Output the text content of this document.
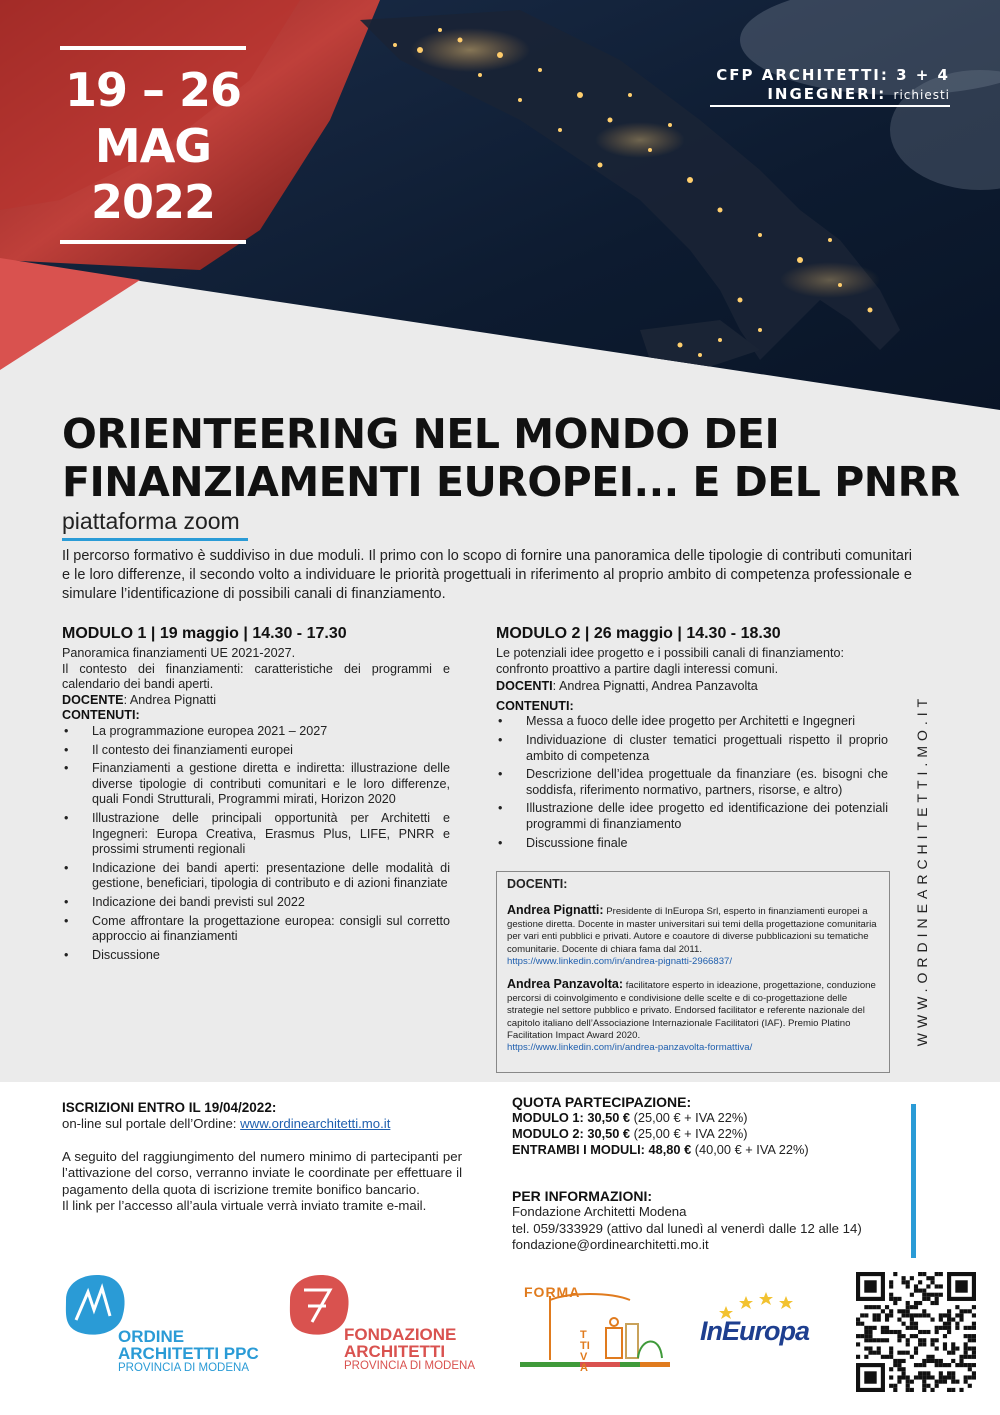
19 – 26
MAG
2022
CFP ARCHITETTI: 3 + 4
INGEGNERI: richiesti
ORIENTEERING NEL MONDO DEI
FINANZIAMENTI EUROPEI... E DEL PNRR
piattaforma zoom
Il percorso formativo è suddiviso in due moduli. Il primo con lo scopo di fornire una panoramica delle tipologie di contributi comunitari e le loro differenze, il secondo volto a individuare le priorità progettuali in riferimento al proprio ambito di competenza professionale e simulare l’identificazione di possibili canali di finanziamento.
MODULO 1 | 19 maggio | 14.30 - 17.30

Panoramica finanziamenti UE 2021-2027.

Il contesto dei finanziamenti: caratteristiche dei programmi e calendario dei bandi aperti.

DOCENTE: Andrea Pignatti

CONTENUTI:

• La programmazione europea 2021 – 2027
• Il contesto dei finanziamenti europei
• Finanziamenti a gestione diretta e indiretta: illustrazione delle diverse tipologie di contributi comunitari e le loro differenze, quali Fondi Strutturali, Programmi mirati, Horizon 2020
• Illustrazione delle principali opportunità per Architetti e Ingegneri: Europa Creativa, Erasmus Plus, LIFE, PNRR e prossimi strumenti regionali
• Indicazione dei bandi aperti: presentazione delle modalità di gestione, beneficiari, tipologia di contributo e di azioni finanziate
• Indicazione dei bandi previsti sul 2022
• Come affrontare la progettazione europea: consigli sul corretto approccio ai finanziamenti
• Discussione
MODULO 2 | 26 maggio | 14.30 - 18.30

Le potenziali idee progetto e i possibili canali di finanziamento: confronto proattivo a partire dagli interessi comuni.

DOCENTI: Andrea Pignatti, Andrea Panzavolta

CONTENUTI:

• Messa a fuoco delle idee progetto per Architetti e Ingegneri
• Individuazione di cluster tematici progettuali rispetto il proprio ambito di competenza
• Descrizione dell’idea progettuale da finanziare (es. bisogni che soddisfa, riferimento normativo, partners, risorse, e altro)
• Illustrazione delle idee progetto ed identificazione dei potenziali programmi di finanziamento
• Discussione finale
DOCENTI:
Andrea Pignatti: Presidente di InEuropa Srl, esperto in finanziamenti europei a gestione diretta. Docente in master universitari sui temi della progettazione comunitaria per vari enti pubblici e privati. Autore e coautore di diverse pubblicazioni su tematiche comunitarie. Docente di chiara fama dal 2011.
https://www.linkedin.com/in/andrea-pignatti-2966837/
Andrea Panzavolta: facilitatore esperto in ideazione, progettazione, conduzione percorsi di coinvolgimento e condivisione delle scelte e di co-progettazione delle strategie nel settore pubblico e privato. Endorsed facilitator e referente nazionale del capitolo italiano dell’Associazione Internazionale Facilitatori (IAF). Premio Platino Facilitation Impact Award 2020.
https://www.linkedin.com/in/andrea-panzavolta-formattiva/
WWW.ORDINEARCHITETTI.MO.IT
ISCRIZIONI ENTRO IL 19/04/2022:
on-line sul portale dell’Ordine: www.ordinearchitetti.mo.it
A seguito del raggiungimento del numero minimo di partecipanti per l’attivazione del corso, verranno inviate le coordinate per effettuare il pagamento della quota di iscrizione tremite bonifico bancario.
Il link per l’accesso all’aula virtuale verrà inviato tramite e-mail.
QUOTA PARTECIPAZIONE:
MODULO 1: 30,50 € (25,00 € + IVA 22%)
MODULO 2: 30,50 € (25,00 € + IVA 22%)
ENTRAMBI I MODULI: 48,80 € (40,00 € + IVA 22%)
PER INFORMAZIONI:
Fondazione Architetti Modena
tel. 059/333929 (attivo dal lunedì al venerdì dalle 12 alle 14)
fondazione@ordinearchitetti.mo.it
ORDINE
ARCHITETTI PPC
PROVINCIA DI MODENA
FONDAZIONE
ARCHITETTI
PROVINCIA DI MODENA
FORMA
TTIVA
InEuropa
